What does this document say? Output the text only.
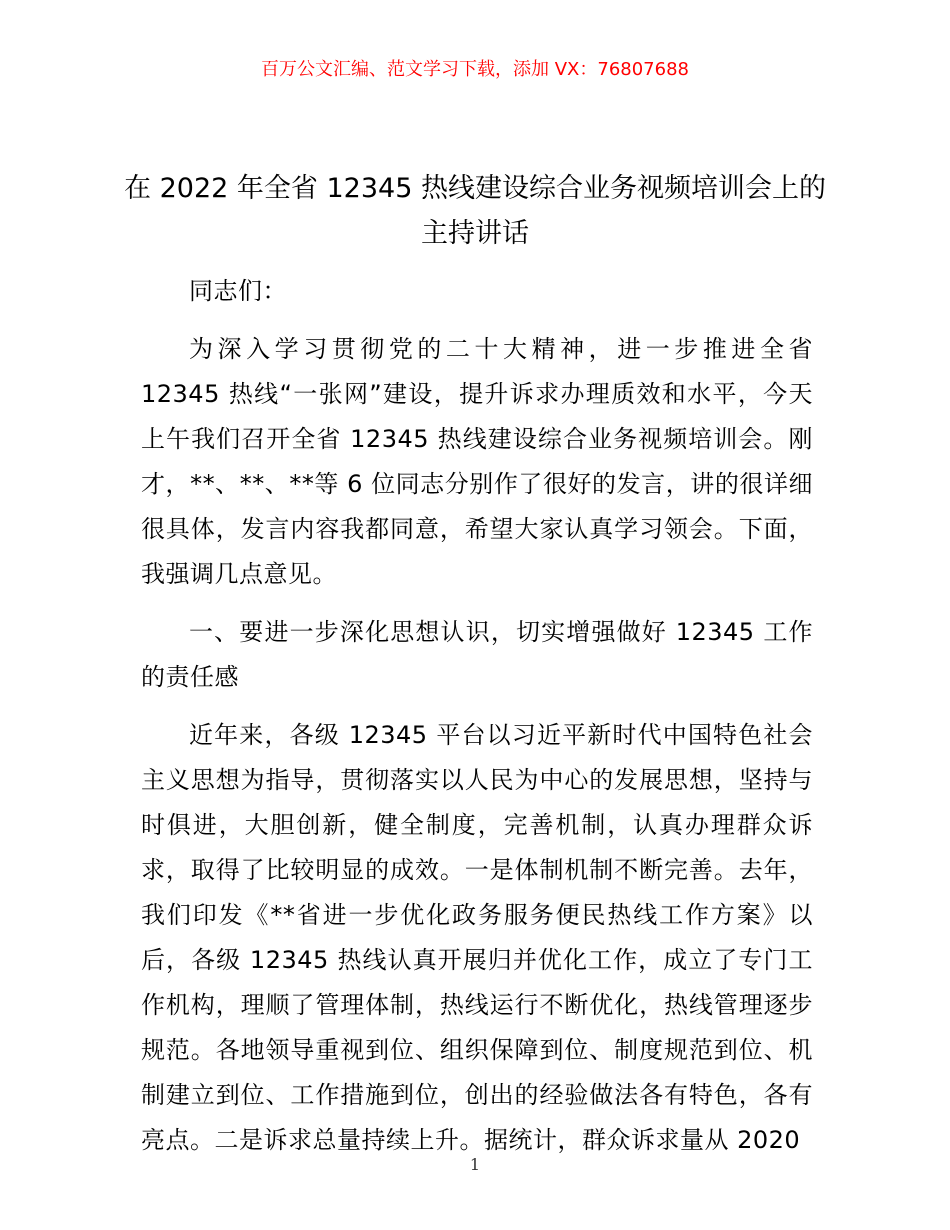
百万公文汇编、范文学习下载，添加 VX：76807688
在 2022 年全省 12345 热线建设综合业务视频培训会上的主持讲话

同志们：

为深入学习贯彻党的二十大精神，进一步推进全省 12345 热线“一张网”建设，提升诉求办理质效和水平，今天上午我们召开全省 12345 热线建设综合业务视频培训会。刚才，**、**、**等 6 位同志分别作了很好的发言，讲的很详细很具体，发言内容我都同意，希望大家认真学习领会。下面，我强调几点意见。

一、要进一步深化思想认识，切实增强做好 12345 工作的责任感

近年来，各级 12345 平台以习近平新时代中国特色社会主义思想为指导，贯彻落实以人民为中心的发展思想，坚持与时俱进，大胆创新，健全制度，完善机制，认真办理群众诉求，取得了比较明显的成效。一是体制机制不断完善。去年，我们印发《**省进一步优化政务服务便民热线工作方案》以后，各级 12345 热线认真开展归并优化工作，成立了专门工作机构，理顺了管理体制，热线运行不断优化，热线管理逐步规范。各地领导重视到位、组织保障到位、制度规范到位、机制建立到位、工作措施到位，创出的经验做法各有特色，各有亮点。二是诉求总量持续上升。据统计，群众诉求量从 2020

1
